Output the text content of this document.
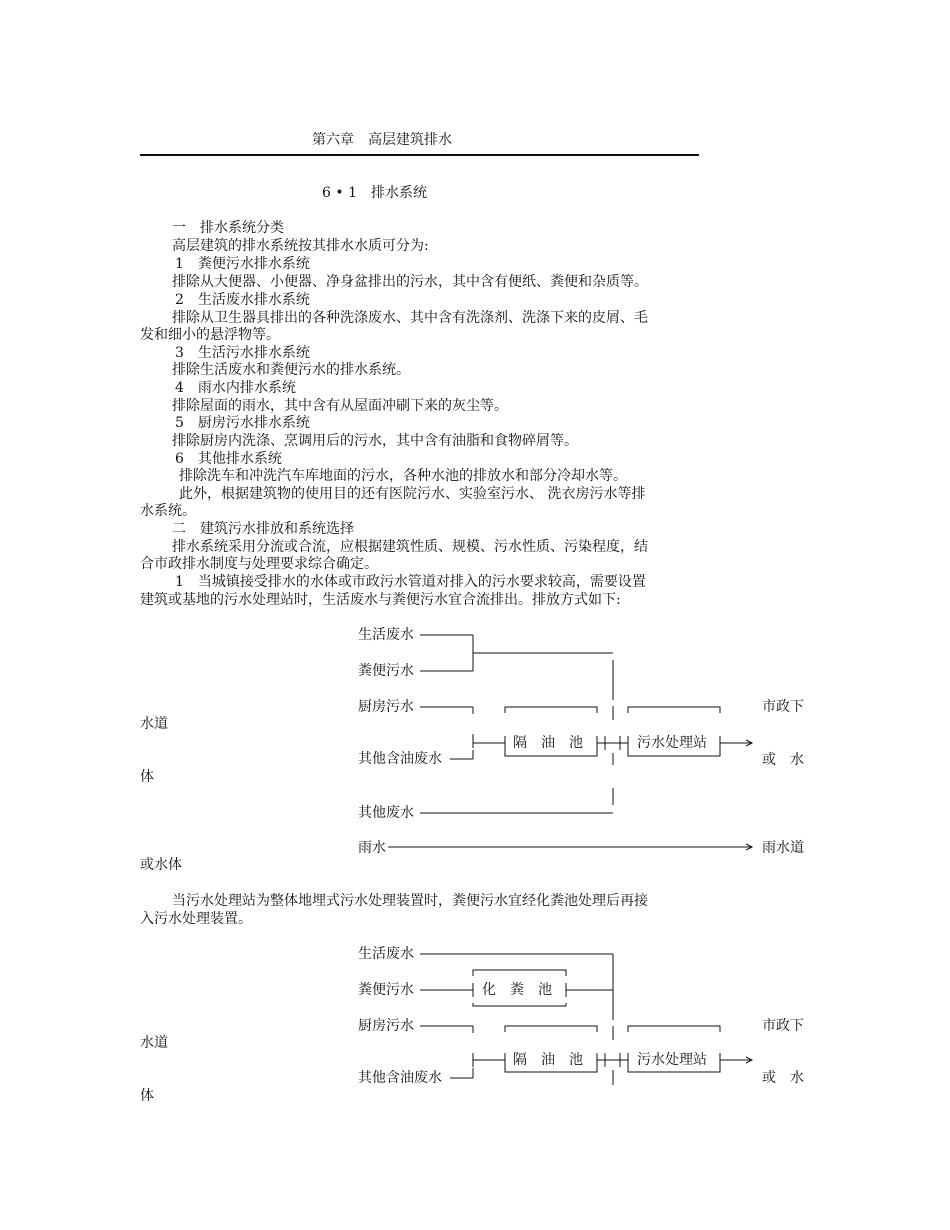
第六章　高层建筑排水
6 • 1　排水系统
一　排水系统分类
高层建筑的排水系统按其排水水质可分为:
1　粪便污水排水系统
排除从大便器、小便器、净身盆排出的污水，其中含有便纸、粪便和杂质等。
2　生活废水排水系统
排除从卫生器具排出的各种洗涤废水、其中含有洗涤剂、洗涤下来的皮屑、毛
发和细小的悬浮物等。
3　生活污水排水系统
排除生活废水和粪便污水的排水系统。
4　雨水内排水系统
排除屋面的雨水，其中含有从屋面冲刷下来的灰尘等。
5　厨房污水排水系统
排除厨房内洗涤、烹调用后的污水，其中含有油脂和食物碎屑等。
6　其他排水系统
排除洗车和冲洗汽车库地面的污水，各种水池的排放水和部分冷却水等。
此外，根据建筑物的使用目的还有医院污水、实验室污水、 洗衣房污水等排
水系统。
二　建筑污水排放和系统选择
排水系统采用分流或合流，应根据建筑性质、规模、污水性质、污染程度，结
合市政排水制度与处理要求综合确定。
1　当城镇接受排水的水体或市政污水管道对排入的污水要求较高，需要设置
建筑或基地的污水处理站时，生活废水与粪便污水宜合流排出。排放方式如下:
生活废水
粪便污水
厨房污水
其他含油废水
其他废水
雨水
隔　油　池	污水处理站
市政下
或　水
水道
体
雨水道
或水体
当污水处理站为整体地埋式污水处理装置时，粪便污水宜经化粪池处理后再接
入污水处理装置。
生活废水
粪便污水
厨房污水
其他含油废水
化　粪　池
隔　油　池	污水处理站
市政下
或　水
水道
体
